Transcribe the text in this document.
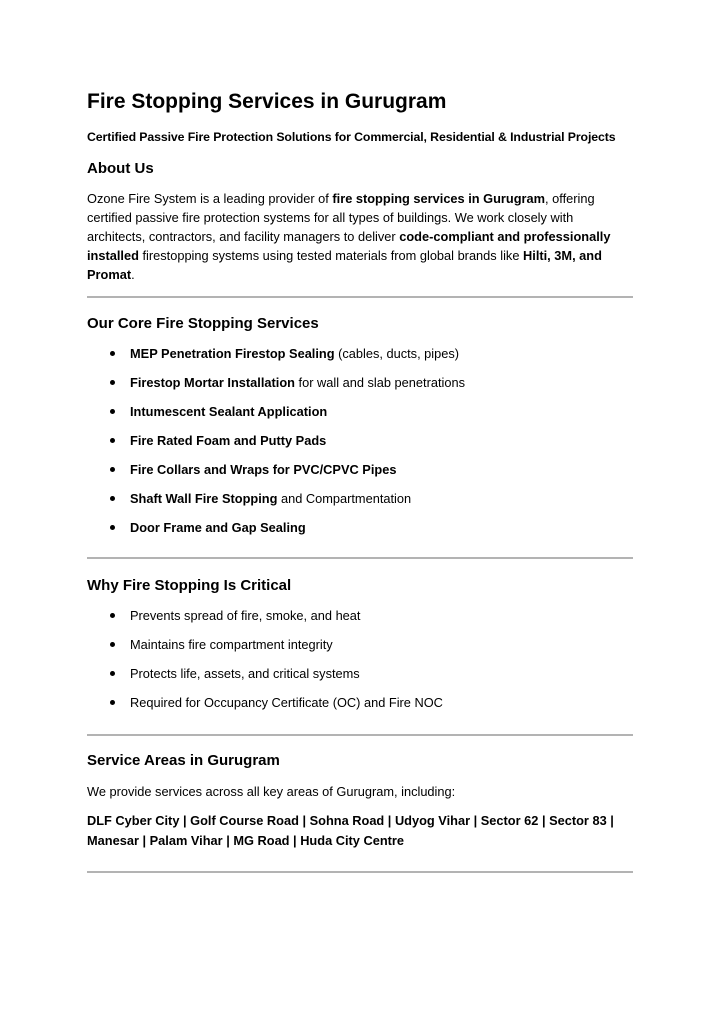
Fire Stopping Services in Gurugram
Certified Passive Fire Protection Solutions for Commercial, Residential & Industrial Projects
About Us

Ozone Fire System is a leading provider of fire stopping services in Gurugram, offering certified passive fire protection systems for all types of buildings. We work closely with architects, contractors, and facility managers to deliver code-compliant and professionally installed firestopping systems using tested materials from global brands like Hilti, 3M, and Promat.

Our Core Fire Stopping Services
MEP Penetration Firestop Sealing (cables, ducts, pipes)
Firestop Mortar Installation for wall and slab penetrations
Intumescent Sealant Application
Fire Rated Foam and Putty Pads
Fire Collars and Wraps for PVC/CPVC Pipes
Shaft Wall Fire Stopping and Compartmentation
Door Frame and Gap Sealing
Why Fire Stopping Is Critical
Prevents spread of fire, smoke, and heat
Maintains fire compartment integrity
Protects life, assets, and critical systems
Required for Occupancy Certificate (OC) and Fire NOC
Service Areas in Gurugram

We provide services across all key areas of Gurugram, including:

DLF Cyber City | Golf Course Road | Sohna Road | Udyog Vihar | Sector 62 | Sector 83 | Manesar | Palam Vihar | MG Road | Huda City Centre
